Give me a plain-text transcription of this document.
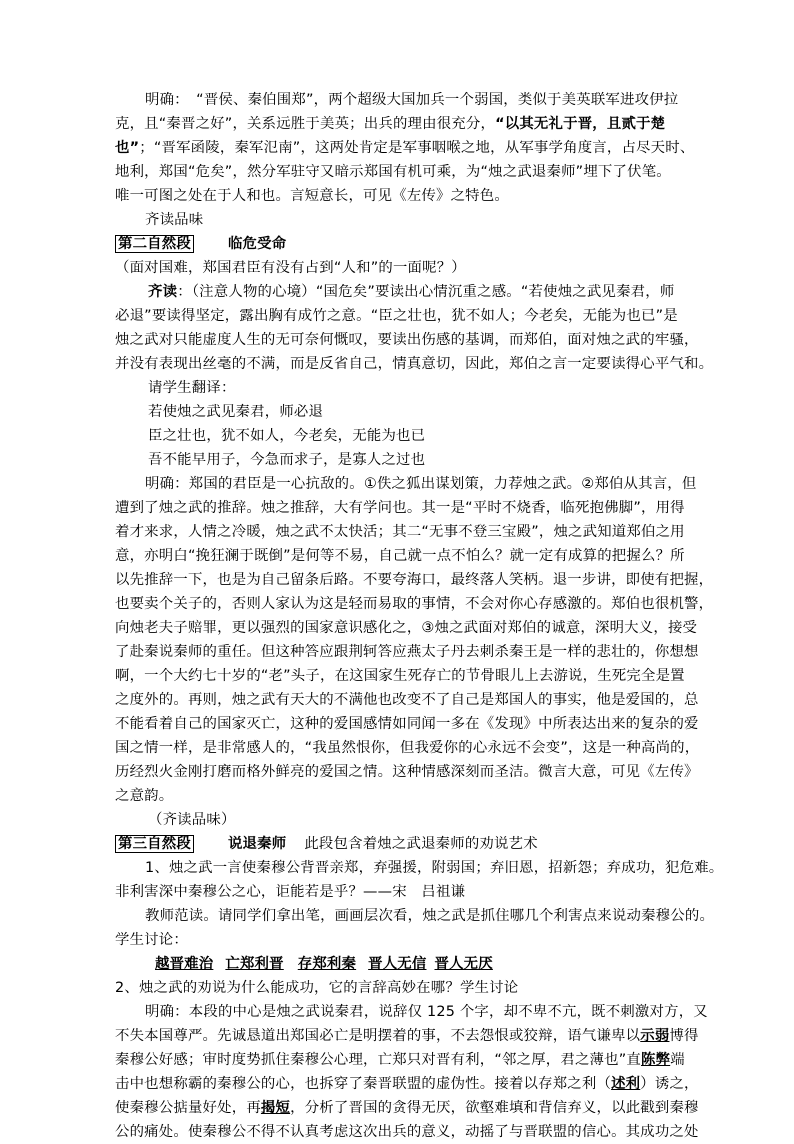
明确：　“晋侯、秦伯围郑”，两个超级大国加兵一个弱国，类似于美英联军进攻伊拉
克，且“秦晋之好”，关系远胜于美英；出兵的理由很充分，“以其无礼于晋，且贰于楚
也”；“晋军函陵，秦军氾南”，这两处肯定是军事咽喉之地，从军事学角度言，占尽天时、
地利，郑国“危矣”，然分军驻守又暗示郑国有机可乘，为“烛之武退秦师”埋下了伏笔。
唯一可图之处在于人和也。言短意长，可见《左传》之特色。
齐读品味
第二自然段	临危受命
（面对国难，郑国君臣有没有占到“人和”的一面呢？）
齐读：（注意人物的心境）“国危矣”要读出心情沉重之感。“若使烛之武见秦君，师
必退”要读得坚定，露出胸有成竹之意。“臣之壮也，犹不如人；今老矣，无能为也已”是
烛之武对只能虚度人生的无可奈何慨叹，要读出伤感的基调，而郑伯，面对烛之武的牢骚，
并没有表现出丝毫的不满，而是反省自己，情真意切，因此，郑伯之言一定要读得心平气和。
请学生翻译：
若使烛之武见秦君，师必退
臣之壮也，犹不如人，今老矣，无能为也已
吾不能早用子，今急而求子，是寡人之过也
明确：郑国的君臣是一心抗敌的。①佚之狐出谋划策，力荐烛之武。②郑伯从其言，但
遭到了烛之武的推辞。烛之推辞，大有学问也。其一是“平时不烧香，临死抱佛脚”，用得
着才来求，人情之冷暖，烛之武不太快活；其二“无事不登三宝殿”，烛之武知道郑伯之用
意，亦明白“挽狂澜于既倒”是何等不易，自己就一点不怕么？就一定有成算的把握么？所
以先推辞一下，也是为自己留条后路。不要夸海口，最终落人笑柄。退一步讲，即使有把握，
也要卖个关子的，否则人家认为这是轻而易取的事情，不会对你心存感激的。郑伯也很机警，
向烛老夫子赔罪，更以强烈的国家意识感化之，③烛之武面对郑伯的诚意，深明大义，接受
了赴秦说秦师的重任。但这种答应跟荆轲答应燕太子丹去刺杀秦王是一样的悲壮的，你想想
啊，一个大约七十岁的“老”头子，在这国家生死存亡的节骨眼儿上去游说，生死完全是置
之度外的。再则，烛之武有天大的不满他也改变不了自己是郑国人的事实，他是爱国的，总
不能看着自己的国家灭亡，这种的爱国感情如同闻一多在《发现》中所表达出来的复杂的爱
国之情一样，是非常感人的，“我虽然恨你，但我爱你的心永远不会变”，这是一种高尚的，
历经烈火金刚打磨而格外鲜亮的爱国之情。这种情感深刻而圣洁。微言大意，可见《左传》
之意韵。
（齐读品味）
第三自然段	说退秦师 此段包含着烛之武退秦师的劝说艺术
1、烛之武一言使秦穆公背晋亲郑，弃强援，附弱国；弃旧恩，招新怨；弃成功，犯危难。
非利害深中秦穆公之心，讵能若是乎？——宋　吕祖谦
教师范读。请同学们拿出笔，画画层次看，烛之武是抓住哪几个利害点来说动秦穆公的。
学生讨论：
越晋难治 亡郑利晋 存郑利秦 晋人无信 晋人无厌
2、烛之武的劝说为什么能成功，它的言辞高妙在哪？学生讨论
明确：本段的中心是烛之武说秦君，说辞仅 125 个字，却不卑不亢，既不刺激对方，又
不失本国尊严。先诚恳道出郑国必亡是明摆着的事，不去怨恨或狡辩，语气谦卑以示弱博得
秦穆公好感；审时度势抓住秦穆公心理，亡郑只对晋有利，“邻之厚，君之薄也”直陈弊端
击中也想称霸的秦穆公的心，也拆穿了秦晋联盟的虚伪性。接着以存郑之利（述利）诱之，
使秦穆公掂量好处，再揭短，分析了晋国的贪得无厌，欲壑难填和背信弃义，以此戳到秦穆
公的痛处。使秦穆公不得不认真考虑这次出兵的意义，动摇了与晋联盟的信心。其成功之处
